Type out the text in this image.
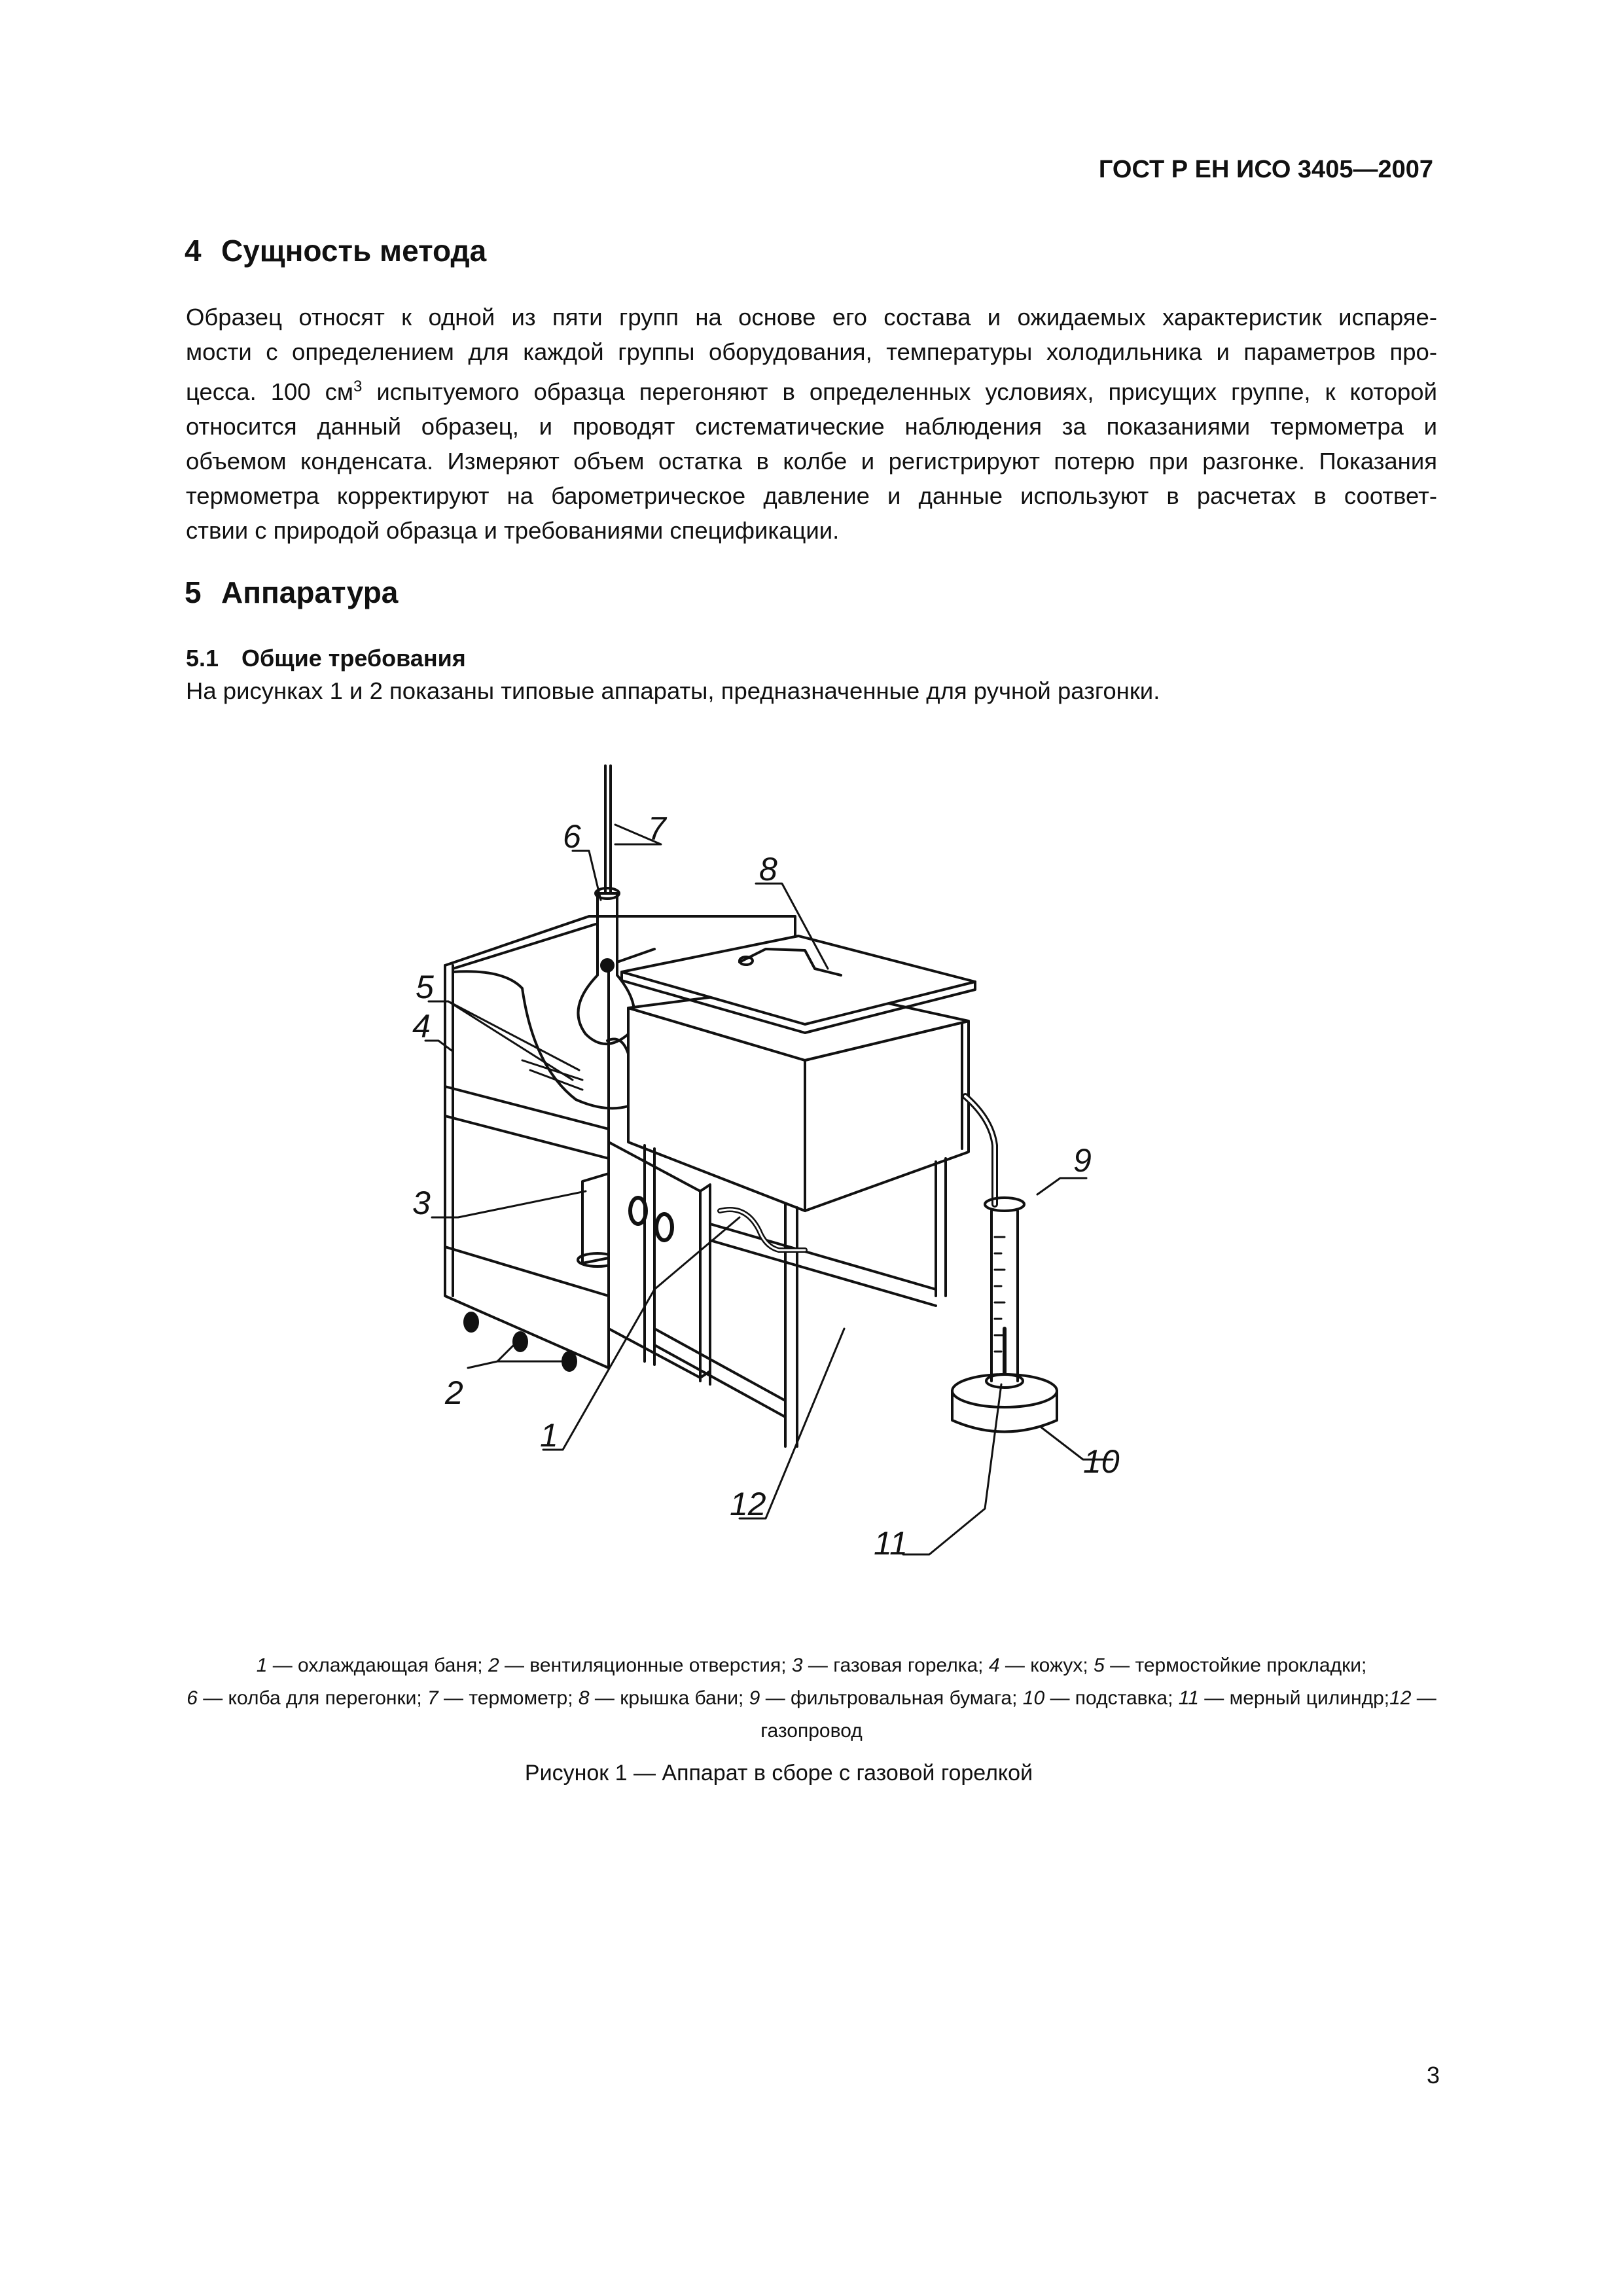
ГОСТ Р ЕН ИСО 3405—2007
4 Сущность метода

Образец относят к одной из пяти групп на основе его состава и ожидаемых характеристик испаряе-
мости с определением для каждой группы оборудования, температуры холодильника и параметров про-
цесса. 100 $см^3$ испытуемого образца перегоняют в определенных условиях, присущих группе, к которой
относится данный образец, и проводят систематические наблюдения за показаниями термометра и
объемом конденсата. Измеряют объем остатка в колбе и регистрируют потерю при разгонке. Показания
термометра корректируют на барометрическое давление и данные используют в расчетах в соответ-
ствии с природой образца и требованиями спецификации.

5 Аппаратура
5.1 Общие требования
На рисунках 1 и 2 показаны типовые аппараты, предназначенные для ручной разгонки.
7
6
8
5
4
3
9
2
1
12
10
11
1 — охлаждающая баня; 2 — вентиляционные отверстия; 3 — газовая горелка; 4 — кожух; 5 — термостойкие прокладки;
6 — колба для перегонки; 7 — термометр; 8 — крышка бани; 9 — фильтровальная бумага; 10 — подставка; 11 — мерный цилиндр;12 — газопровод
Рисунок 1 — Аппарат в сборе с газовой горелкой
3
